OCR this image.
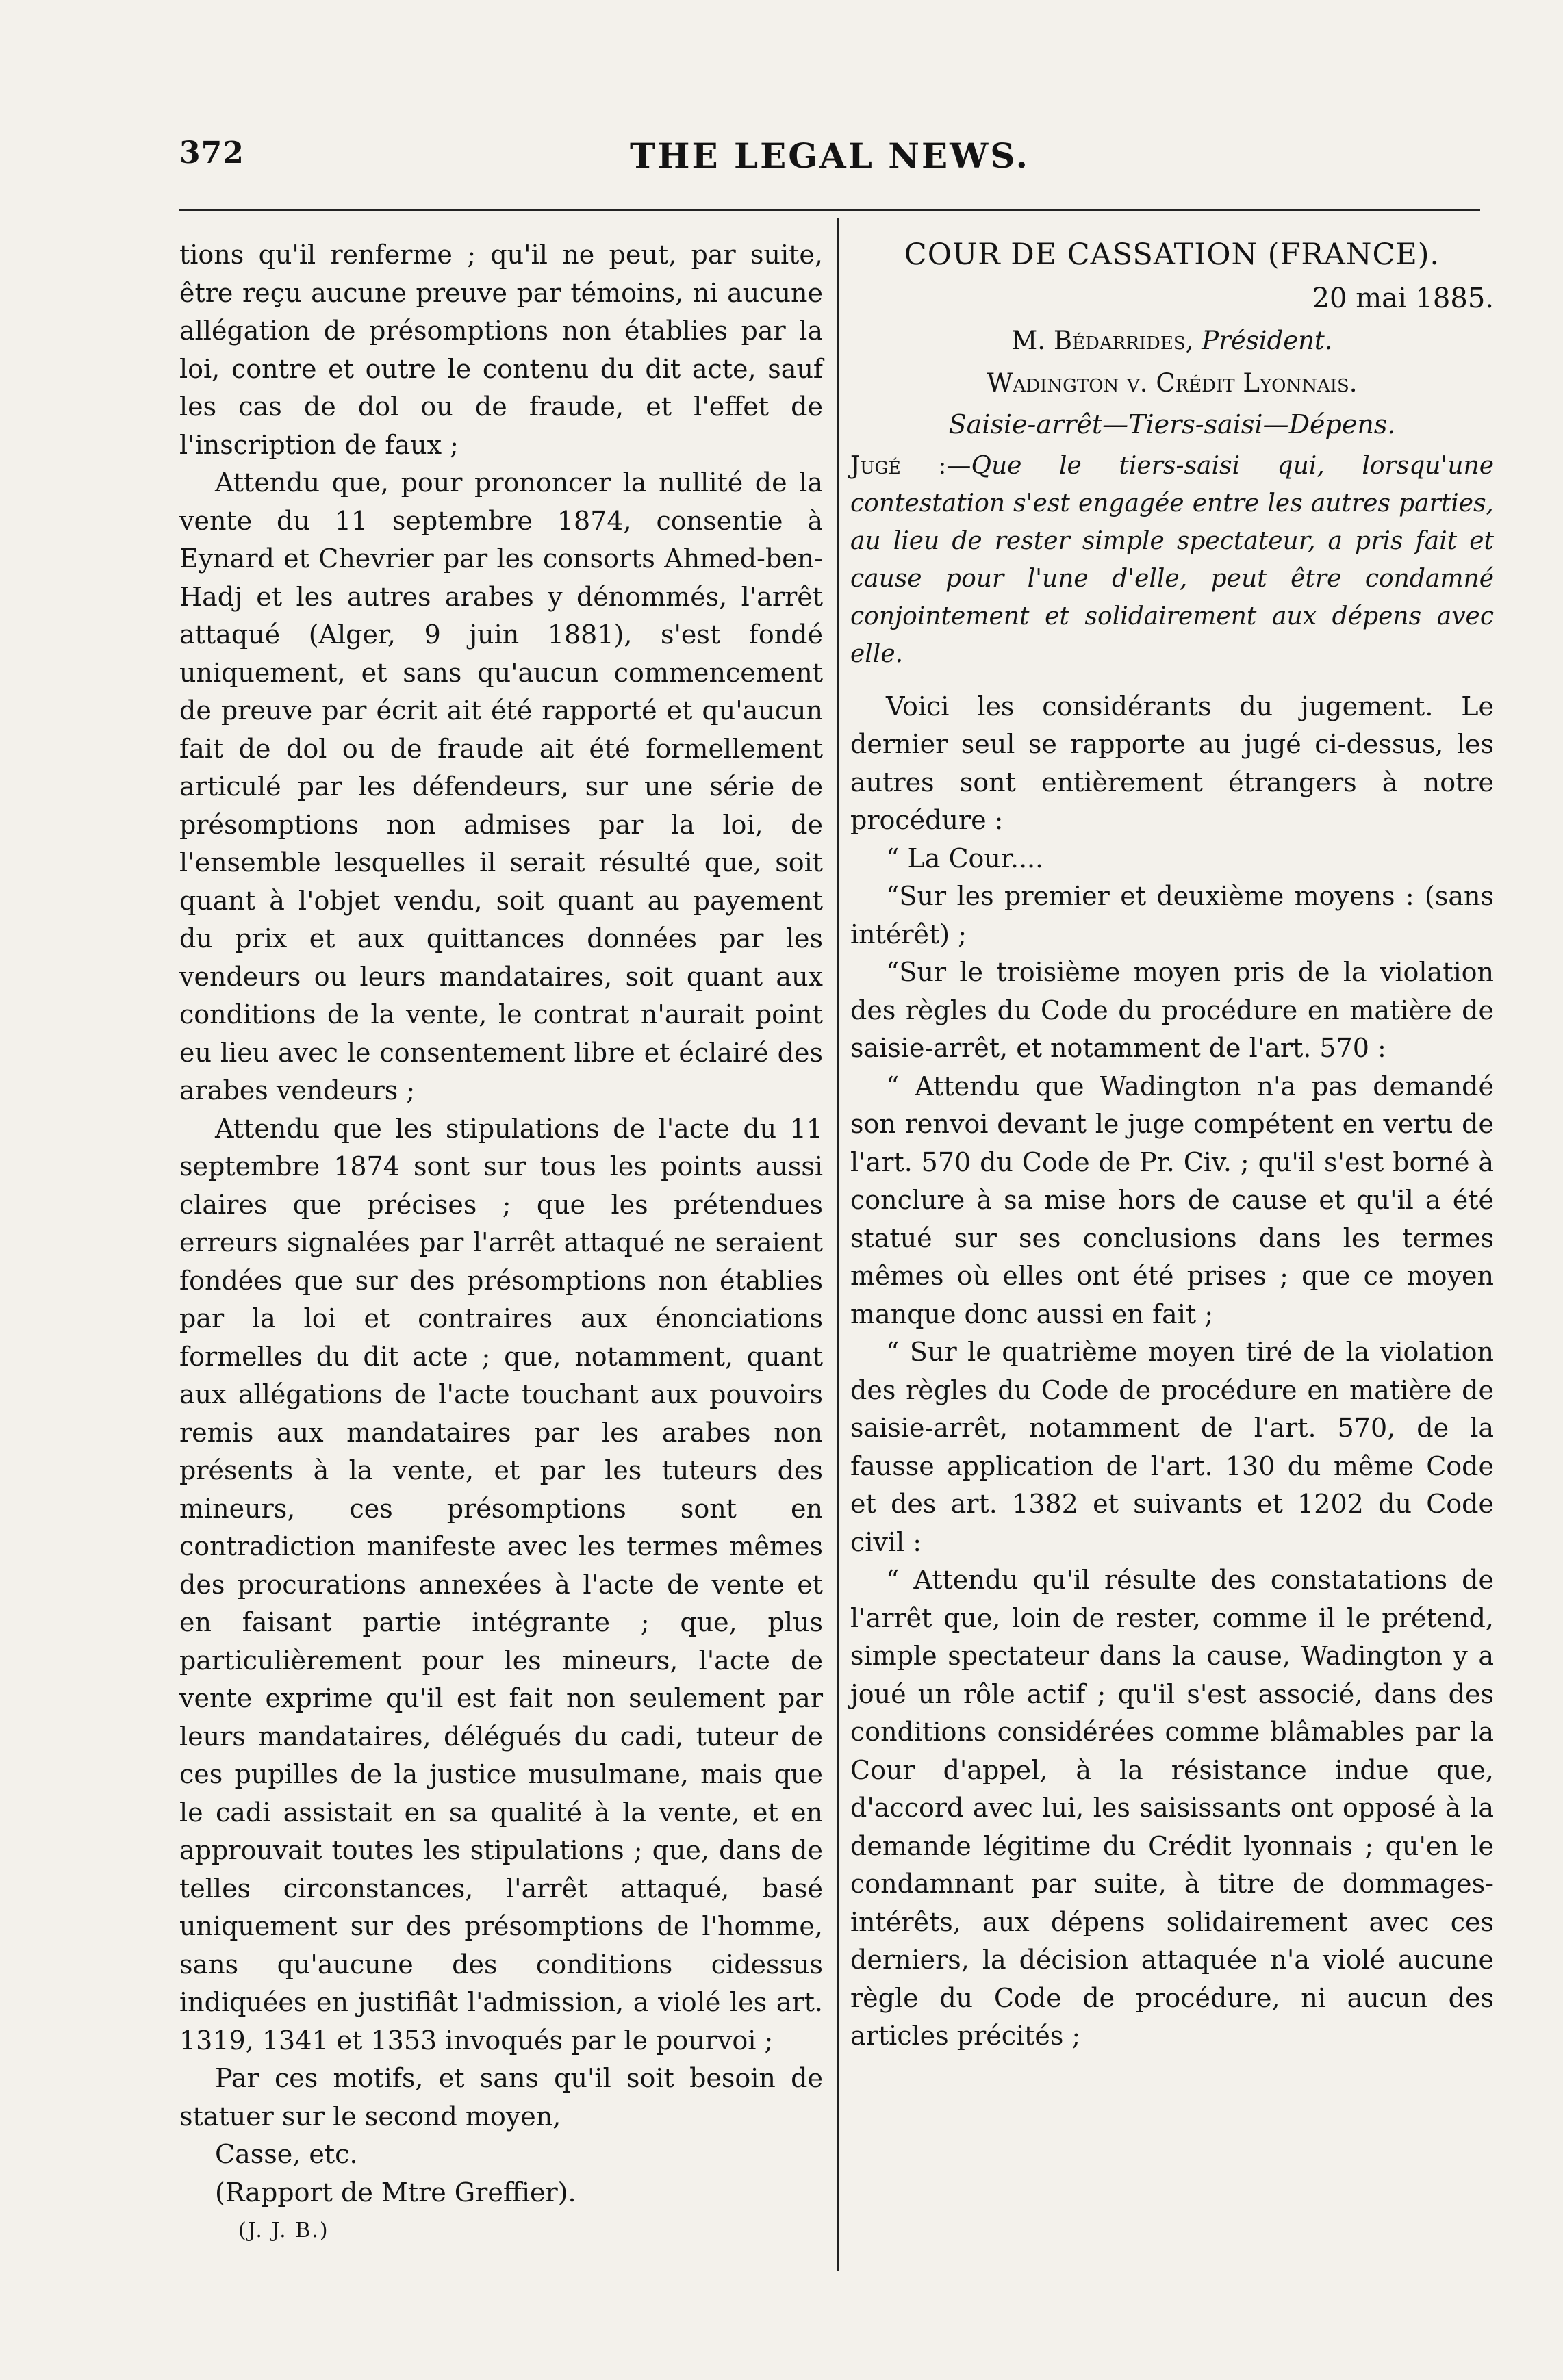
372	THE LEGAL NEWS.

tions qu'il renferme ; qu'il ne peut, par suite, être reçu aucune preuve par témoins, ni aucune allégation de présomptions non établies par la loi, contre et outre le contenu du dit acte, sauf les cas de dol ou de fraude, et l'effet de l'inscription de faux ;

Attendu que, pour prononcer la nullité de la vente du 11 septembre 1874, consentie à Eynard et Chevrier par les consorts Ahmed-ben-Hadj et les autres arabes y dénommés, l'arrêt attaqué (Alger, 9 juin 1881), s'est fondé uniquement, et sans qu'aucun commencement de preuve par écrit ait été rapporté et qu'aucun fait de dol ou de fraude ait été formellement articulé par les défendeurs, sur une série de présomptions non admises par la loi, de l'ensemble lesquelles il serait résulté que, soit quant à l'objet vendu, soit quant au payement du prix et aux quittances données par les vendeurs ou leurs mandataires, soit quant aux conditions de la vente, le contrat n'aurait point eu lieu avec le consentement libre et éclairé des arabes vendeurs ;

Attendu que les stipulations de l'acte du 11 septembre 1874 sont sur tous les points aussi claires que précises ; que les prétendues erreurs signalées par l'arrêt attaqué ne seraient fondées que sur des présomptions non établies par la loi et contraires aux énonciations formelles du dit acte ; que, notamment, quant aux allégations de l'acte touchant aux pouvoirs remis aux mandataires par les arabes non présents à la vente, et par les tuteurs des mineurs, ces présomptions sont en contradiction manifeste avec les termes mêmes des procurations annexées à l'acte de vente et en faisant partie intégrante ; que, plus particulièrement pour les mineurs, l'acte de vente exprime qu'il est fait non seulement par leurs mandataires, délégués du cadi, tuteur de ces pupilles de la justice musulmane, mais que le cadi assistait en sa qualité à la vente, et en approuvait toutes les stipulations ; que, dans de telles circonstances, l'arrêt attaqué, basé uniquement sur des présomptions de l'homme, sans qu'aucune des conditions cidessus indiquées en justifiât l'admission, a violé les art. 1319, 1341 et 1353 invoqués par le pourvoi ;

Par ces motifs, et sans qu'il soit besoin de statuer sur le second moyen,

Casse, etc.

(Rapport de Mtre Greffier).

(J. J. B.)

COUR DE CASSATION (FRANCE).

20 mai 1885.

M. Bédarrides, Président.

Wadington v. Crédit Lyonnais.

Saisie-arrêt—Tiers-saisi—Dépens.

Jugé :—Que le tiers-saisi qui, lorsqu'une contestation s'est engagée entre les autres parties, au lieu de rester simple spectateur, a pris fait et cause pour l'une d'elle, peut être condamné conjointement et solidairement aux dépens avec elle.

Voici les considérants du jugement. Le dernier seul se rapporte au jugé ci-dessus, les autres sont entièrement étrangers à notre procédure :

“ La Cour....

“Sur les premier et deuxième moyens : (sans intérêt) ;

“Sur le troisième moyen pris de la violation des règles du Code du procédure en matière de saisie-arrêt, et notamment de l'art. 570 :

“ Attendu que Wadington n'a pas demandé son renvoi devant le juge compétent en vertu de l'art. 570 du Code de Pr. Civ. ; qu'il s'est borné à conclure à sa mise hors de cause et qu'il a été statué sur ses conclusions dans les termes mêmes où elles ont été prises ; que ce moyen manque donc aussi en fait ;

“ Sur le quatrième moyen tiré de la violation des règles du Code de procédure en matière de saisie-arrêt, notamment de l'art. 570, de la fausse application de l'art. 130 du même Code et des art. 1382 et suivants et 1202 du Code civil :

“ Attendu qu'il résulte des constatations de l'arrêt que, loin de rester, comme il le prétend, simple spectateur dans la cause, Wadington y a joué un rôle actif ; qu'il s'est associé, dans des conditions considérées comme blâmables par la Cour d'appel, à la résistance indue que, d'accord avec lui, les saisissants ont opposé à la demande légitime du Crédit lyonnais ; qu'en le condamnant par suite, à titre de dommages-intérêts, aux dépens solidairement avec ces derniers, la décision attaquée n'a violé aucune règle du Code de procédure, ni aucun des articles précités ;
